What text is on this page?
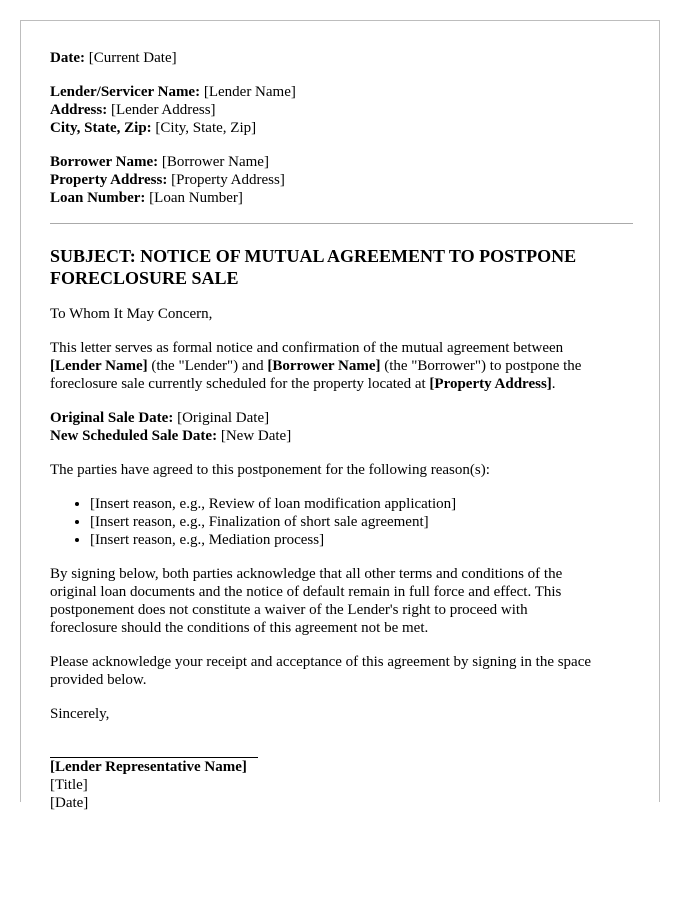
Date: [Current Date]
Lender/Servicer Name: [Lender Name]
Address: [Lender Address]
City, State, Zip: [City, State, Zip]
Borrower Name: [Borrower Name]
Property Address: [Property Address]
Loan Number: [Loan Number]
SUBJECT: NOTICE OF MUTUAL AGREEMENT TO POSTPONE
FORECLOSURE SALE

To Whom It May Concern,

This letter serves as formal notice and confirmation of the mutual agreement between
[Lender Name] (the "Lender") and [Borrower Name] (the "Borrower") to postpone the
foreclosure sale currently scheduled for the property located at [Property Address].

Original Sale Date: [Original Date]
New Scheduled Sale Date: [New Date]

The parties have agreed to this postponement for the following reason(s):

• [Insert reason, e.g., Review of loan modification application]
• [Insert reason, e.g., Finalization of short sale agreement]
• [Insert reason, e.g., Mediation process]

By signing below, both parties acknowledge that all other terms and conditions of the
original loan documents and the notice of default remain in full force and effect. This
postponement does not constitute a waiver of the Lender's right to proceed with
foreclosure should the conditions of this agreement not be met.

Please acknowledge your receipt and acceptance of this agreement by signing in the space
provided below.

Sincerely,

[Lender Representative Name]
[Title]
[Date]
